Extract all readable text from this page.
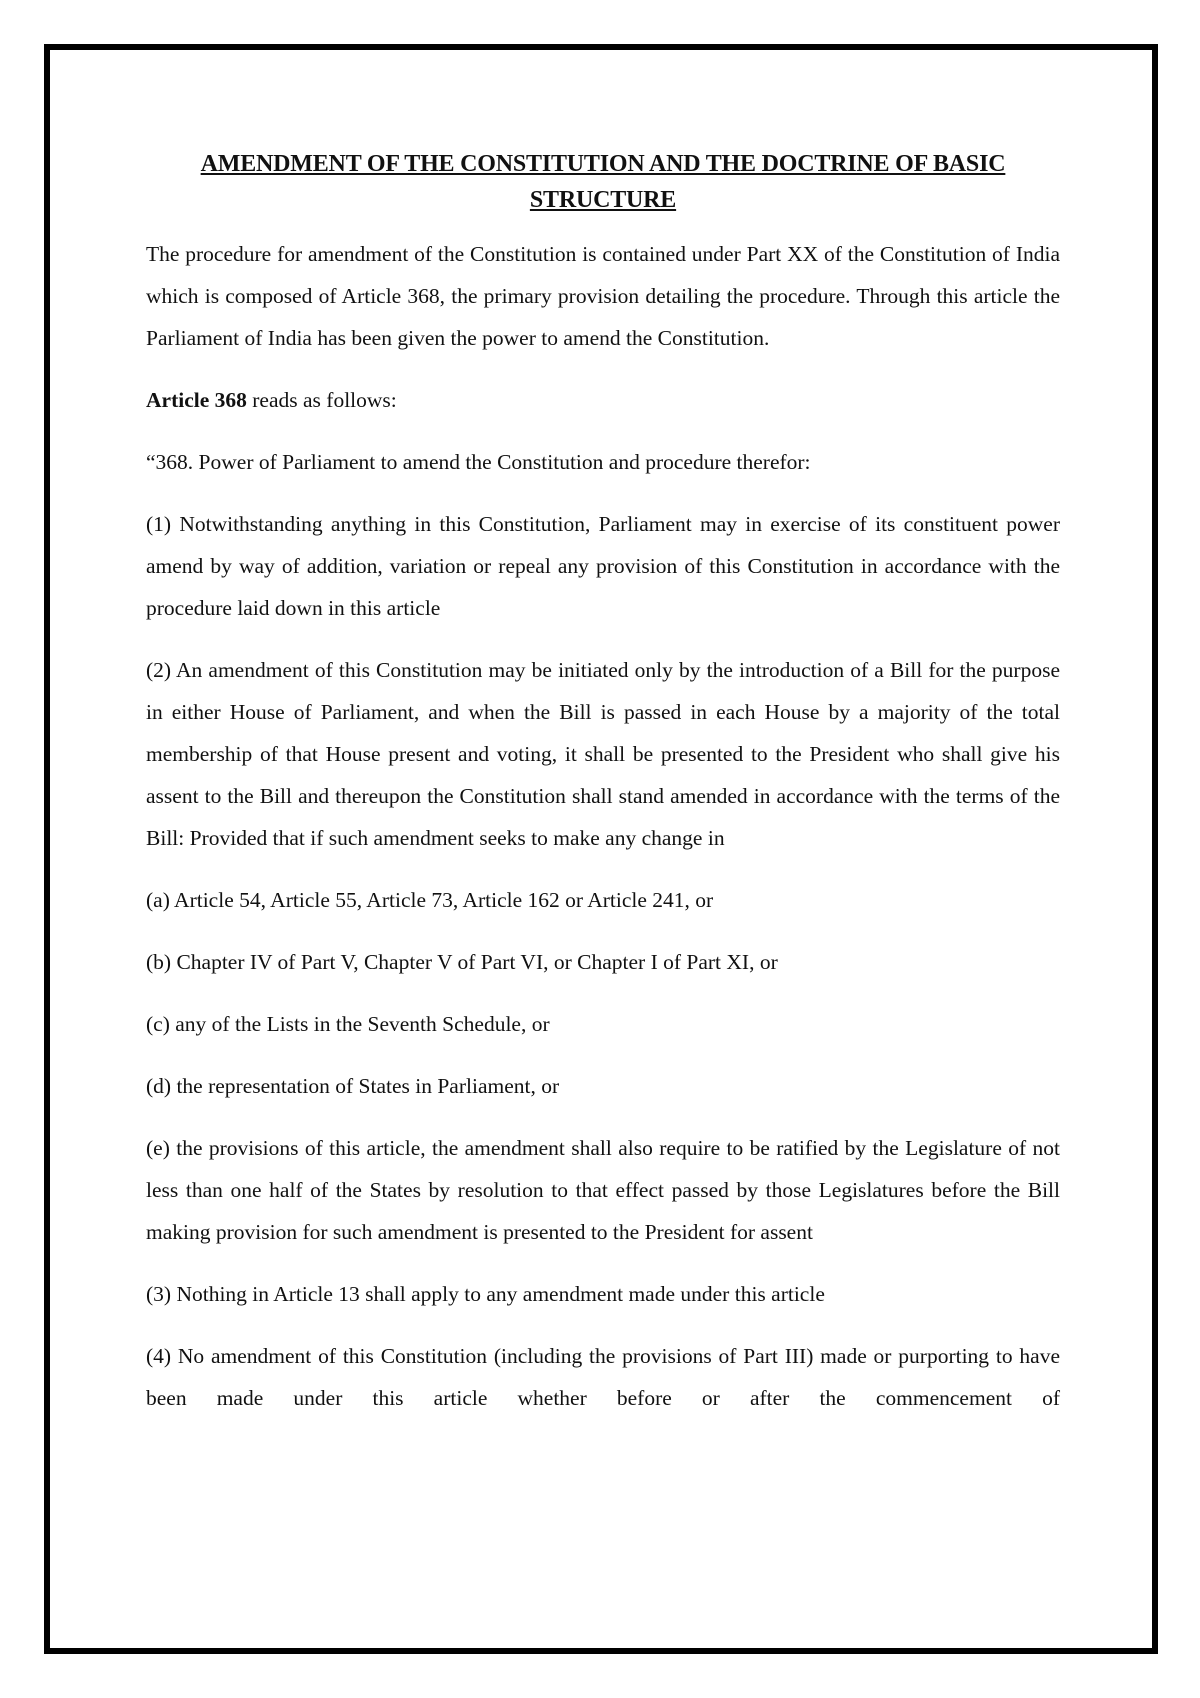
AMENDMENT OF THE CONSTITUTION AND THE DOCTRINE OF BASIC STRUCTURE

The procedure for amendment of the Constitution is contained under Part XX of the Constitution of India which is composed of Article 368, the primary provision detailing the procedure. Through this article the Parliament of India has been given the power to amend the Constitution.

Article 368 reads as follows:

“368. Power of Parliament to amend the Constitution and procedure therefor:

(1) Notwithstanding anything in this Constitution, Parliament may in exercise of its constituent power amend by way of addition, variation or repeal any provision of this Constitution in accordance with the procedure laid down in this article

(2) An amendment of this Constitution may be initiated only by the introduction of a Bill for the purpose in either House of Parliament, and when the Bill is passed in each House by a majority of the total membership of that House present and voting, it shall be presented to the President who shall give his assent to the Bill and thereupon the Constitution shall stand amended in accordance with the terms of the Bill: Provided that if such amendment seeks to make any change in

(a) Article 54, Article 55, Article 73, Article 162 or Article 241, or

(b) Chapter IV of Part V, Chapter V of Part VI, or Chapter I of Part XI, or

(c) any of the Lists in the Seventh Schedule, or

(d) the representation of States in Parliament, or

(e) the provisions of this article, the amendment shall also require to be ratified by the Legislature of not less than one half of the States by resolution to that effect passed by those Legislatures before the Bill making provision for such amendment is presented to the President for assent

(3) Nothing in Article 13 shall apply to any amendment made under this article

(4) No amendment of this Constitution (including the provisions of Part III) made or purporting to have been made under this article whether before or after the commencement of
